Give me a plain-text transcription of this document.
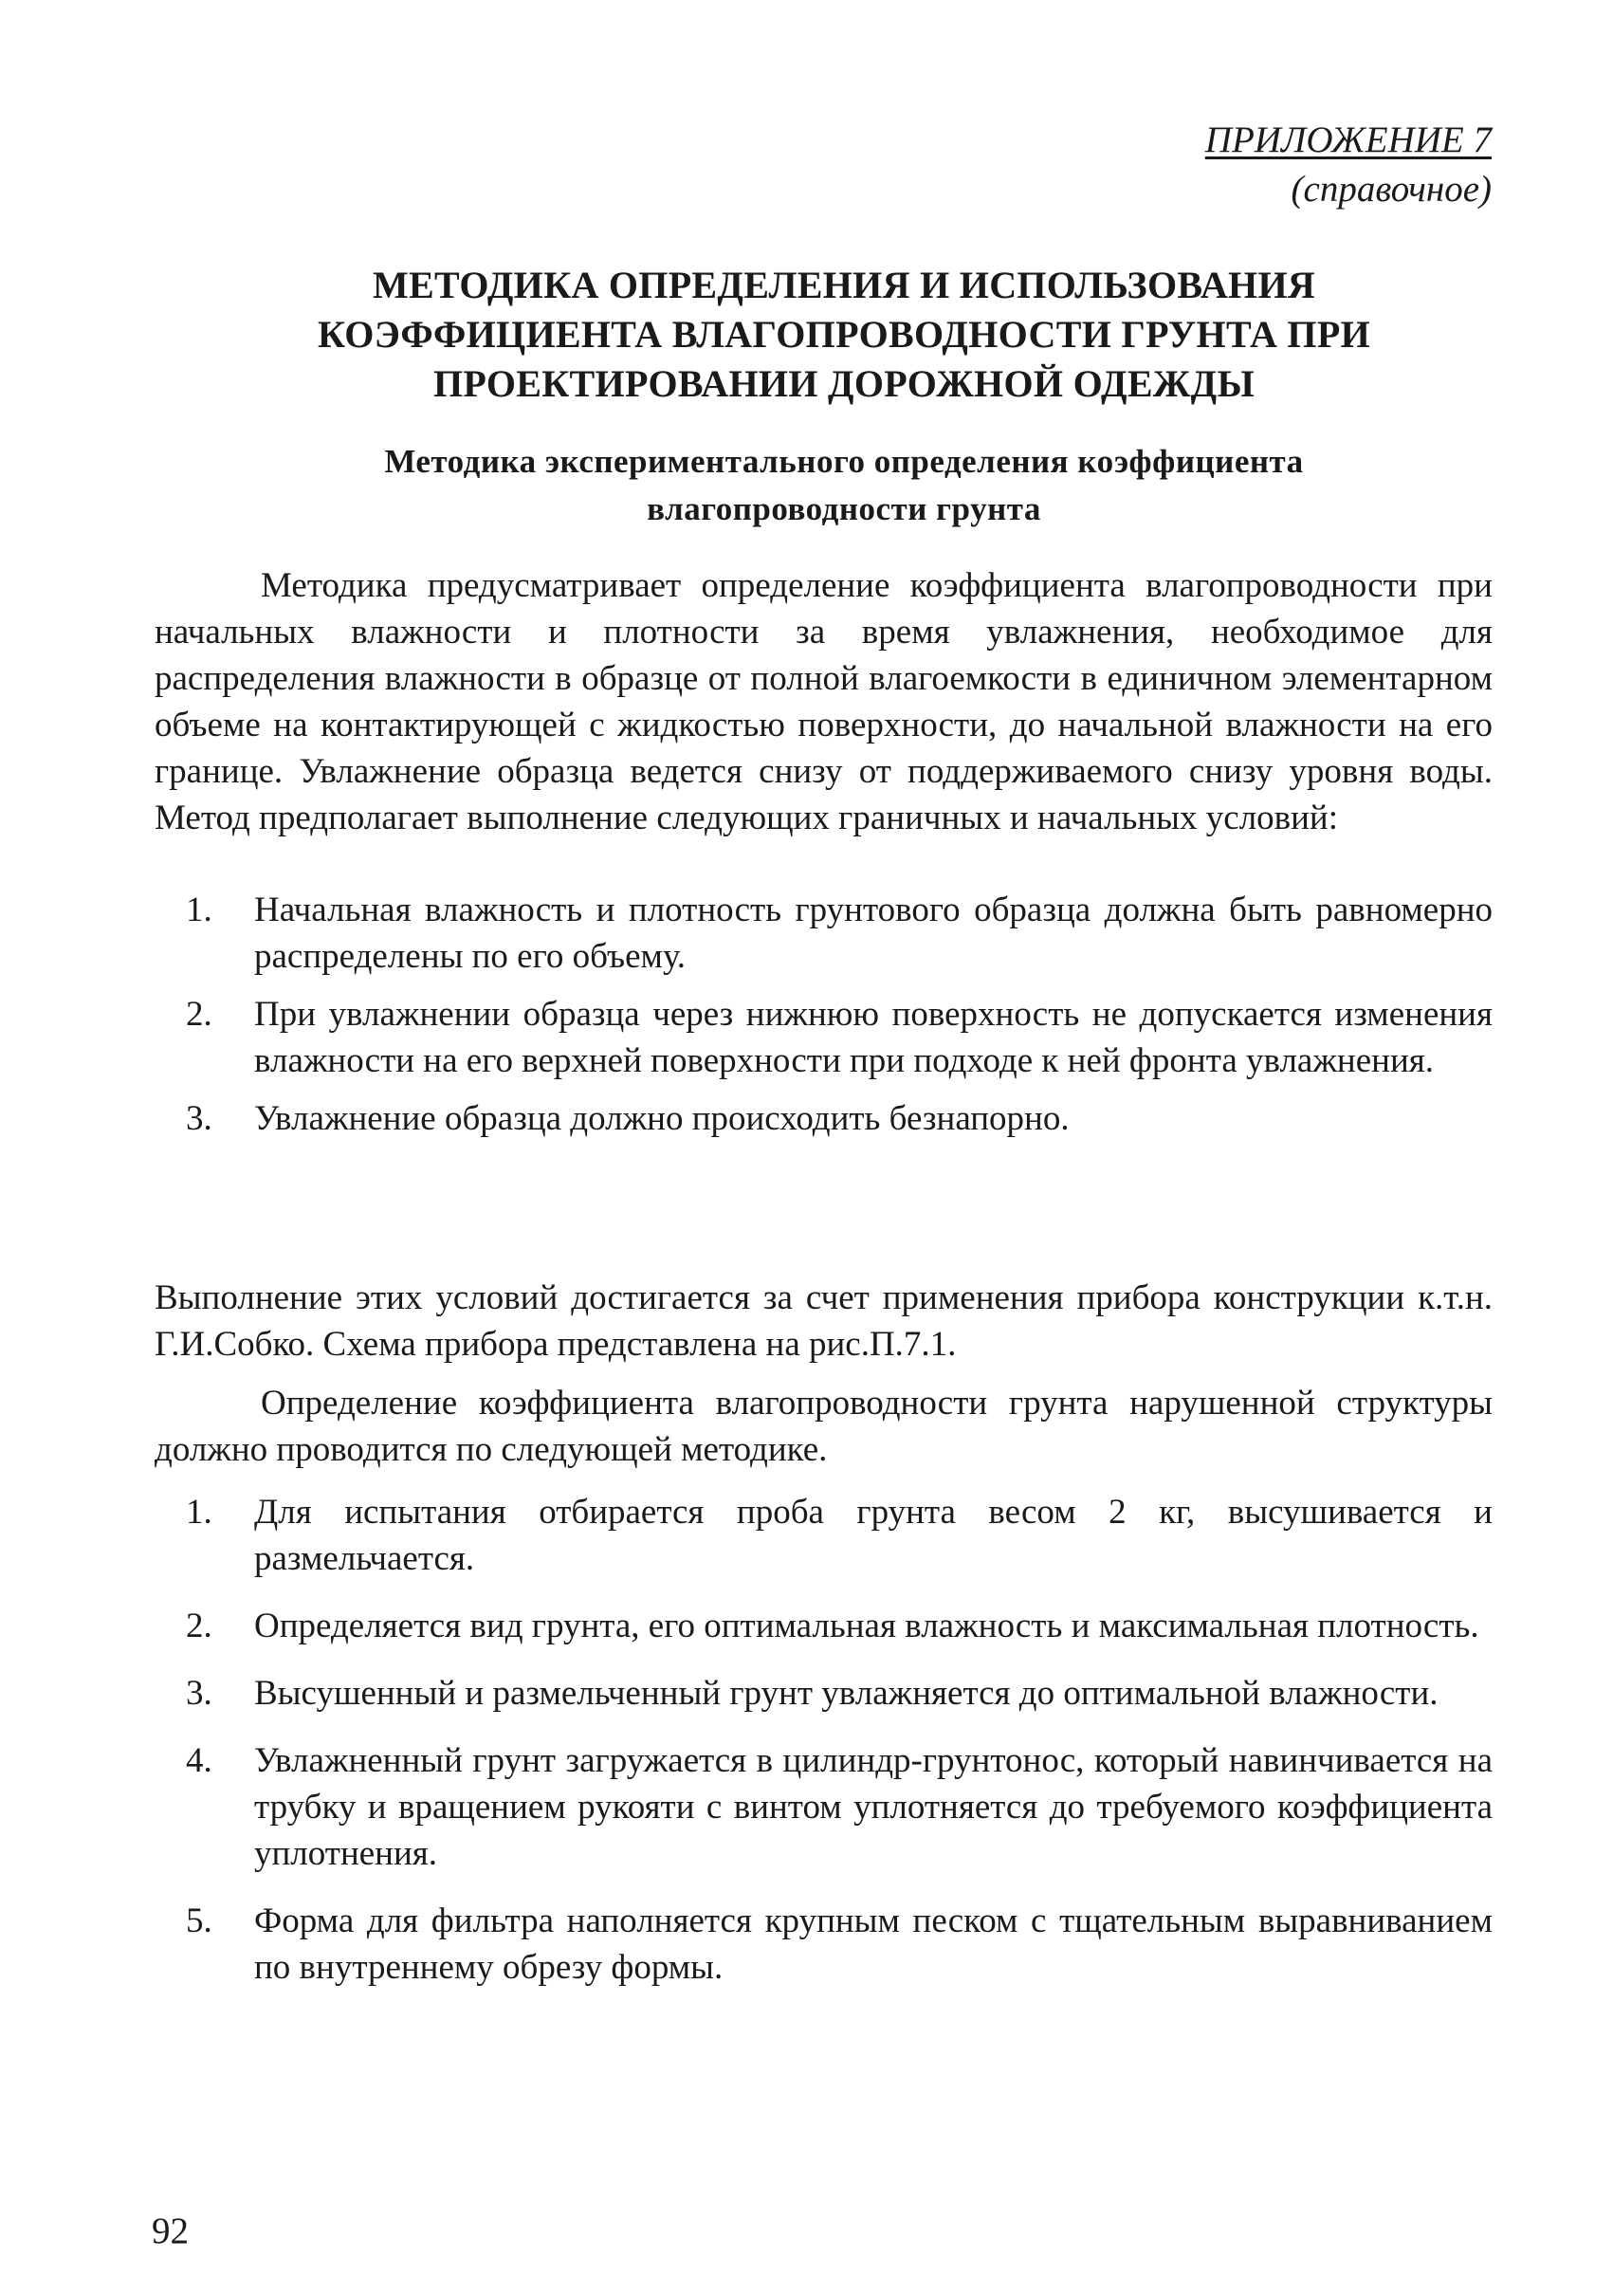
ПРИЛОЖЕНИЕ 7
(справочное)
МЕТОДИКА ОПРЕДЕЛЕНИЯ И ИСПОЛЬЗОВАНИЯ
КОЭФФИЦИЕНТА ВЛАГОПРОВОДНОСТИ ГРУНТА ПРИ
ПРОЕКТИРОВАНИИ ДОРОЖНОЙ ОДЕЖДЫ
Методика экспериментального определения коэффициента
влагопроводности грунта

Методика предусматривает определение коэффициента влагопроводности при начальных влажности и плотности за время увлажнения, необходимое для распределения влажности в образце от полной влагоемкости в единичном элементарном объеме на контактирующей с жидкостью поверхности, до начальной влажности на его границе. Увлажнение образца ведется снизу от поддерживаемого снизу уровня воды. Метод предполагает выполнение следующих граничных и начальных условий:

1. Начальная влажность и плотность грунтового образца должна быть равномерно распределены по его объему.
2. При увлажнении образца через нижнюю поверхность не допускается изменения влажности на его верхней поверхности при подходе к ней фронта увлажнения.
3. Увлажнение образца должно происходить безнапорно.

Выполнение этих условий достигается за счет применения прибора конструкции к.т.н. Г.И.Собко. Схема прибора представлена на рис.П.7.1.

Определение коэффициента влагопроводности грунта нарушенной структуры должно проводится по следующей методике.

1. Для испытания отбирается проба грунта весом 2 кг, высушивается и размельчается.
2. Определяется вид грунта, его оптимальная влажность и максимальная плотность.
3. Высушенный и размельченный грунт увлажняется до оптимальной влажности.
4. Увлажненный грунт загружается в цилиндр-грунтонос, который навинчивается на трубку и вращением рукояти с винтом уплотняется до требуемого коэффициента уплотнения.
5. Форма для фильтра наполняется крупным песком с тщательным выравниванием по внутреннему обрезу формы.
92
